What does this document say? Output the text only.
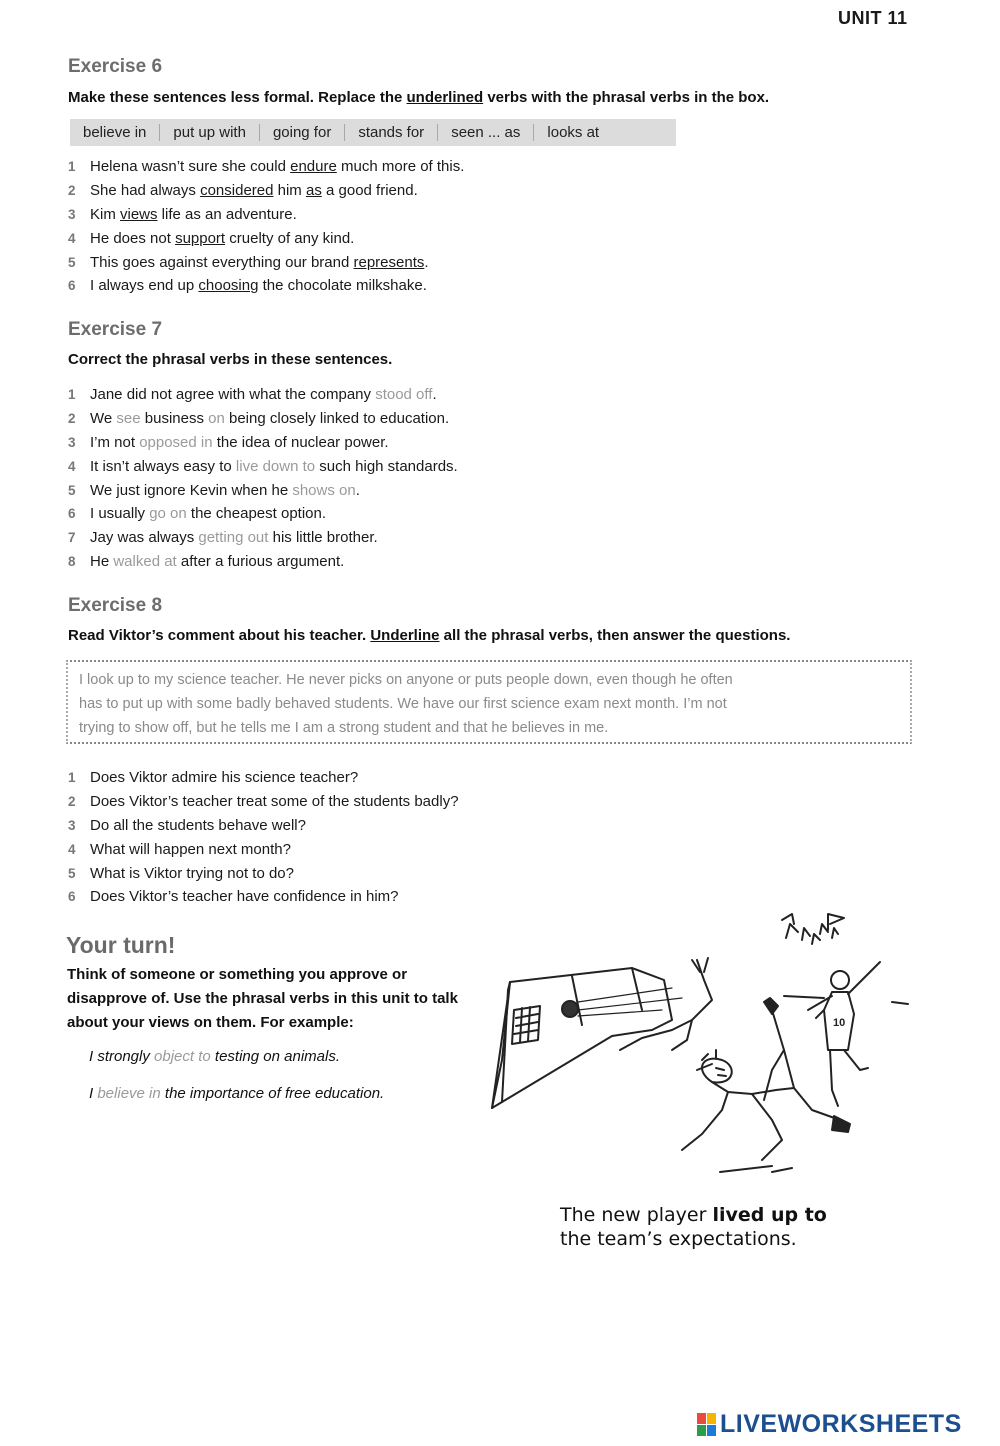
UNIT 11
Exercise 6
Make these sentences less formal. Replace the underlined verbs with the phrasal verbs in the box.
believe in	put up with	going for	stands for	seen ... as	looks at
1 Helena wasn’t sure she could endure much more of this.
2 She had always considered him as a good friend.
3 Kim views life as an adventure.
4 He does not support cruelty of any kind.
5 This goes against everything our brand represents.
6 I always end up choosing the chocolate milkshake.
Exercise 7
Correct the phrasal verbs in these sentences.
1 Jane did not agree with what the company stood off.
2 We see business on being closely linked to education.
3 I’m not opposed in the idea of nuclear power.
4 It isn’t always easy to live down to such high standards.
5 We just ignore Kevin when he shows on.
6 I usually go on the cheapest option.
7 Jay was always getting out his little brother.
8 He walked at after a furious argument.
Exercise 8
Read Viktor’s comment about his teacher. Underline all the phrasal verbs, then answer the questions.
I look up to my science teacher. He never picks on anyone or puts people down, even though he often
has to put up with some badly behaved students. We have our first science exam next month. I’m not
trying to show off, but he tells me I am a strong student and that he believes in me.
1 Does Viktor admire his science teacher?
2 Does Viktor’s teacher treat some of the students badly?
3 Do all the students behave well?
4 What will happen next month?
5 What is Viktor trying not to do?
6 Does Viktor’s teacher have confidence in him?
Your turn!
Think of someone or something you approve or disapprove of. Use the phrasal verbs in this unit to talk about your views on them. For example:
I strongly object to testing on animals.
I believe in the importance of free education.
10
The new player lived up to the team’s expectations.
LIVEWORKSHEETS
